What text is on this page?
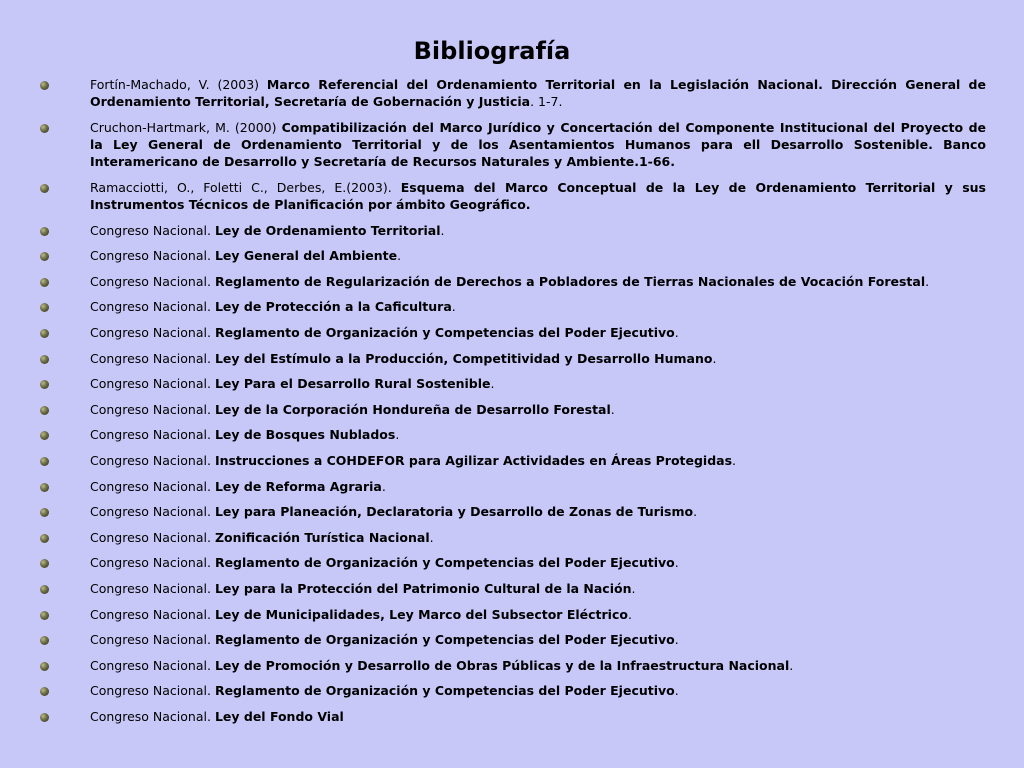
Bibliografía
Fortín-Machado, V. (2003) Marco Referencial del Ordenamiento Territorial en la Legislación Nacional. Dirección General de Ordenamiento Territorial, Secretaría de Gobernación y Justicia. 1-7.
Cruchon-Hartmark, M. (2000) Compatibilización del Marco Jurídico y Concertación del Componente Institucional del Proyecto de la Ley General de Ordenamiento Territorial y de los Asentamientos Humanos para ell Desarrollo Sostenible. Banco Interamericano de Desarrollo y Secretaría de Recursos Naturales y Ambiente.1-66.
Ramacciotti, O., Foletti C., Derbes, E.(2003). Esquema del Marco Conceptual de la Ley de Ordenamiento Territorial y sus Instrumentos Técnicos de Planificación por ámbito Geográfico.
Congreso Nacional. Ley de Ordenamiento Territorial.
Congreso Nacional. Ley General del Ambiente.
Congreso Nacional. Reglamento de Regularización de Derechos a Pobladores de Tierras Nacionales de Vocación Forestal.
Congreso Nacional. Ley de Protección a la Caficultura.
Congreso Nacional. Reglamento de Organización y Competencias del Poder Ejecutivo.
Congreso Nacional. Ley del Estímulo a la Producción, Competitividad y Desarrollo Humano.
Congreso Nacional. Ley Para el Desarrollo Rural Sostenible.
Congreso Nacional. Ley de la Corporación Hondureña de Desarrollo Forestal.
Congreso Nacional. Ley de Bosques Nublados.
Congreso Nacional. Instrucciones a COHDEFOR para Agilizar Actividades en Áreas Protegidas.
Congreso Nacional. Ley de Reforma Agraria.
Congreso Nacional. Ley para Planeación, Declaratoria y Desarrollo de Zonas de Turismo.
Congreso Nacional. Zonificación Turística Nacional.
Congreso Nacional. Reglamento de Organización y Competencias del Poder Ejecutivo.
Congreso Nacional. Ley para la Protección del Patrimonio Cultural de la Nación.
Congreso Nacional. Ley de Municipalidades, Ley Marco del Subsector Eléctrico.
Congreso Nacional. Reglamento de Organización y Competencias del Poder Ejecutivo.
Congreso Nacional. Ley de Promoción y Desarrollo de Obras Públicas y de la Infraestructura Nacional.
Congreso Nacional. Reglamento de Organización y Competencias del Poder Ejecutivo.
Congreso Nacional. Ley del Fondo Vial
